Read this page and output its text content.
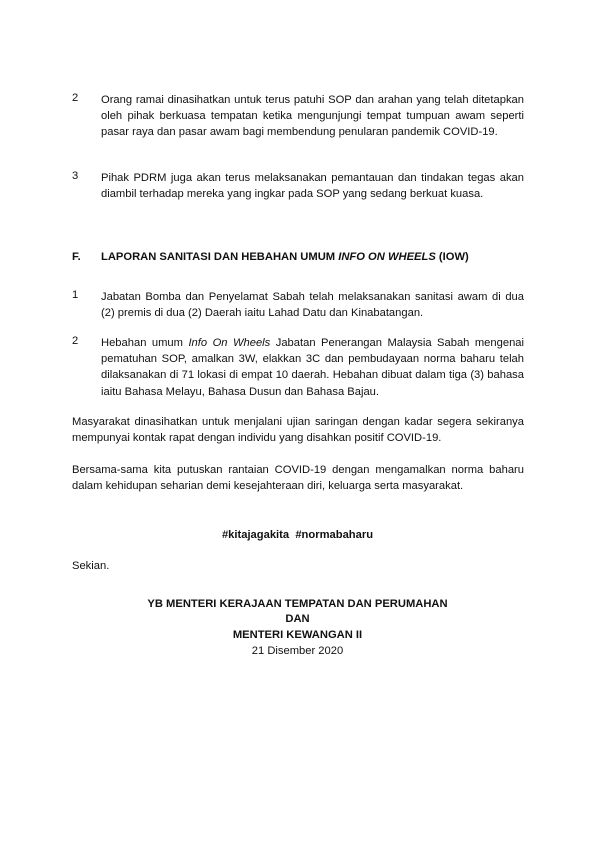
2 Orang ramai dinasihatkan untuk terus patuhi SOP dan arahan yang telah ditetapkan oleh pihak berkuasa tempatan ketika mengunjungi tempat tumpuan awam seperti pasar raya dan pasar awam bagi membendung penularan pandemik COVID-19.
3 Pihak PDRM juga akan terus melaksanakan pemantauan dan tindakan tegas akan diambil terhadap mereka yang ingkar pada SOP yang sedang berkuat kuasa.
F. LAPORAN SANITASI DAN HEBAHAN UMUM INFO ON WHEELS (IOW)
1 Jabatan Bomba dan Penyelamat Sabah telah melaksanakan sanitasi awam di dua (2) premis di dua (2) Daerah iaitu Lahad Datu dan Kinabatangan.
2 Hebahan umum Info On Wheels Jabatan Penerangan Malaysia Sabah mengenai pematuhan SOP, amalkan 3W, elakkan 3C dan pembudayaan norma baharu telah dilaksanakan di 71 lokasi di empat 10 daerah. Hebahan dibuat dalam tiga (3) bahasa iaitu Bahasa Melayu, Bahasa Dusun dan Bahasa Bajau.
Masyarakat dinasihatkan untuk menjalani ujian saringan dengan kadar segera sekiranya mempunyai kontak rapat dengan individu yang disahkan positif COVID-19.
Bersama-sama kita putuskan rantaian COVID-19 dengan mengamalkan norma baharu dalam kehidupan seharian demi kesejahteraan diri, keluarga serta masyarakat.
#kitajagakita  #normabaharu
Sekian.
YB MENTERI KERAJAAN TEMPATAN DAN PERUMAHAN
DAN
MENTERI KEWANGAN II
21 Disember 2020
